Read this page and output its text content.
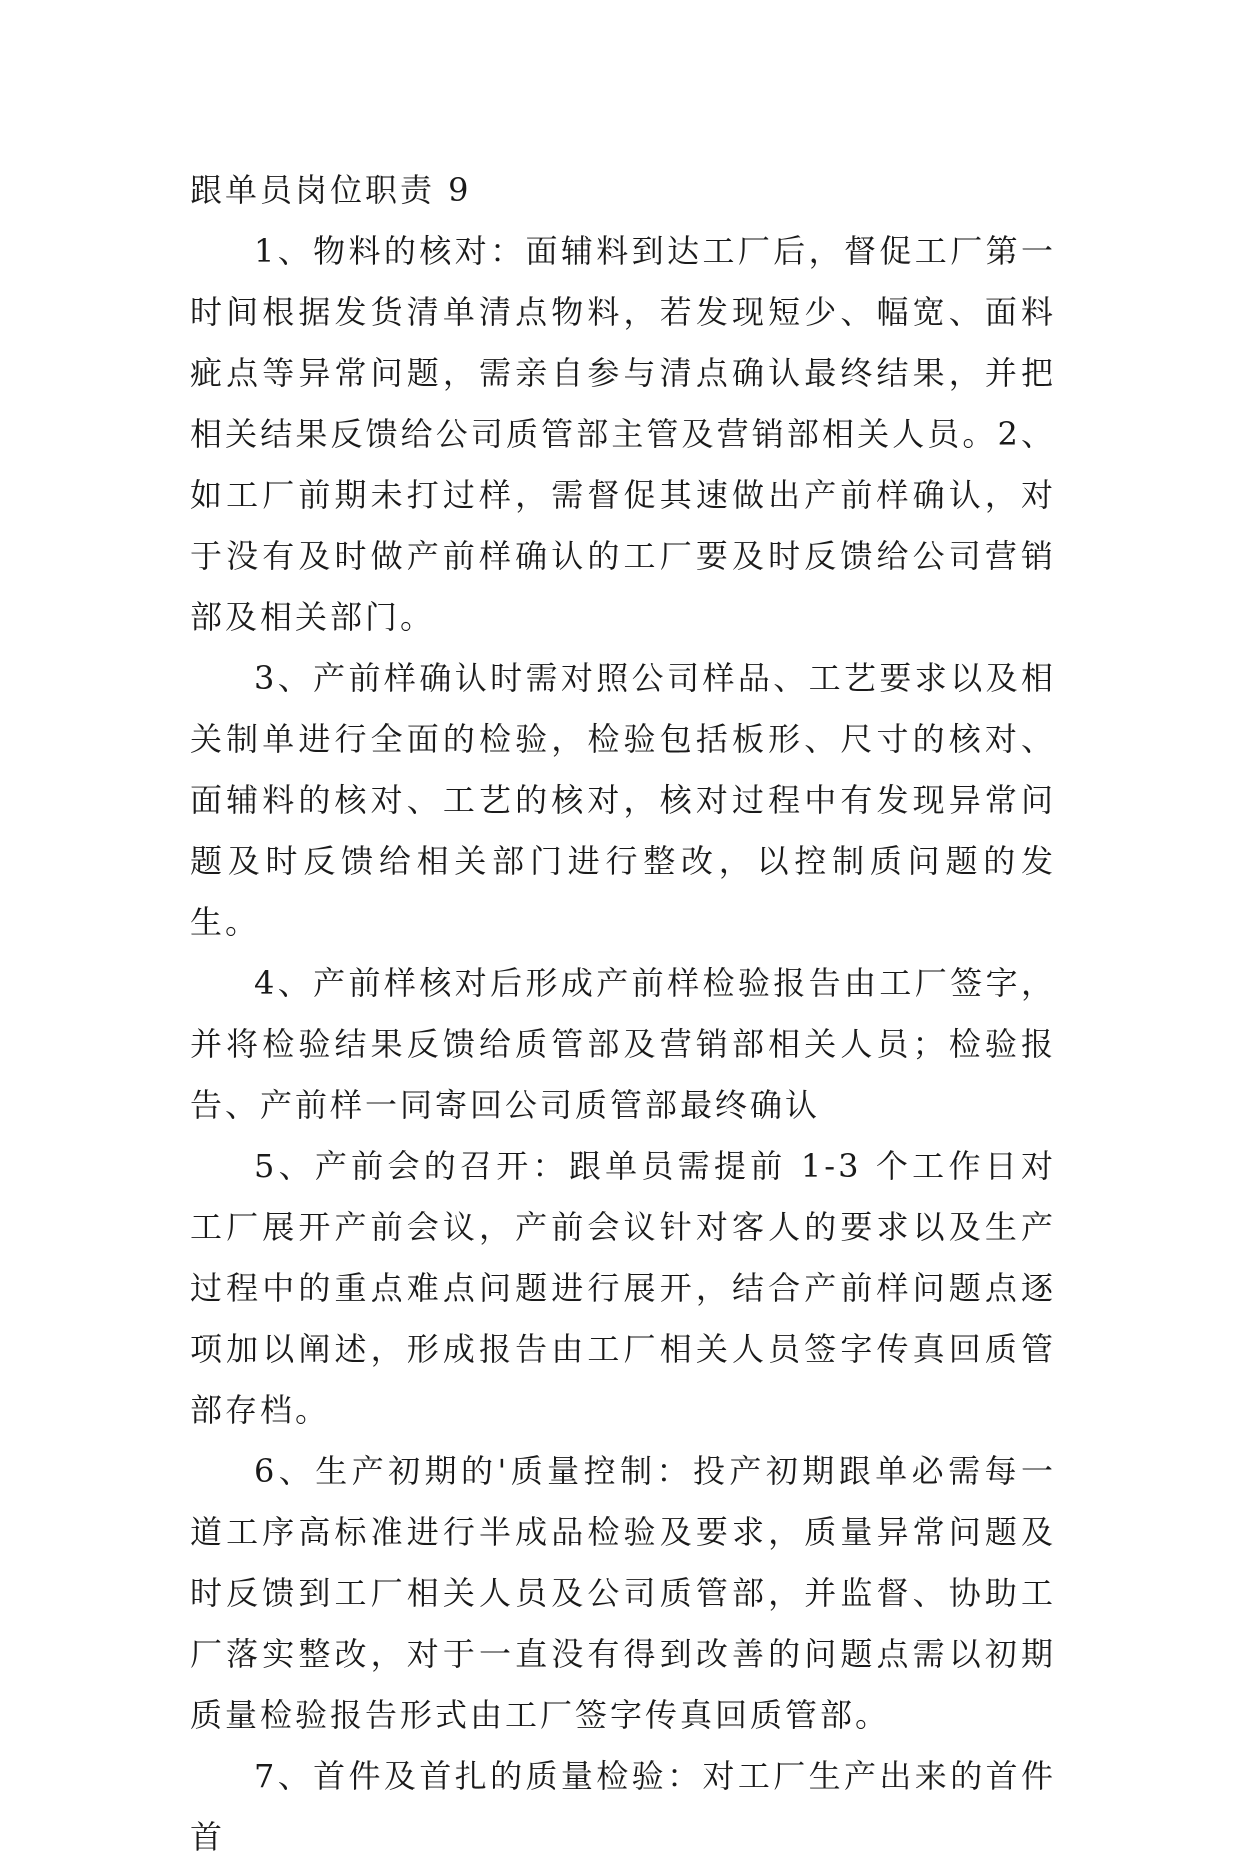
跟单员岗位职责 9

1、物料的核对：面辅料到达工厂后，督促工厂第一时间根据发货清单清点物料，若发现短少、幅宽、面料疵点等异常问题，需亲自参与清点确认最终结果，并把相关结果反馈给公司质管部主管及营销部相关人员。2、如工厂前期未打过样，需督促其速做出产前样确认，对于没有及时做产前样确认的工厂要及时反馈给公司营销部及相关部门。

3、产前样确认时需对照公司样品、工艺要求以及相关制单进行全面的检验，检验包括板形、尺寸的核对、面辅料的核对、工艺的核对，核对过程中有发现异常问题及时反馈给相关部门进行整改，以控制质问题的发生。

4、产前样核对后形成产前样检验报告由工厂签字，并将检验结果反馈给质管部及营销部相关人员；检验报告、产前样一同寄回公司质管部最终确认

5、产前会的召开：跟单员需提前 1-3 个工作日对工厂展开产前会议，产前会议针对客人的要求以及生产过程中的重点难点问题进行展开，结合产前样问题点逐项加以阐述，形成报告由工厂相关人员签字传真回质管部存档。

6、生产初期的'质量控制：投产初期跟单必需每一道工序高标准进行半成品检验及要求，质量异常问题及时反馈到工厂相关人员及公司质管部，并监督、协助工厂落实整改，对于一直没有得到改善的问题点需以初期质量检验报告形式由工厂签字传真回质管部。

7、首件及首扎的质量检验：对工厂生产出来的首件首
